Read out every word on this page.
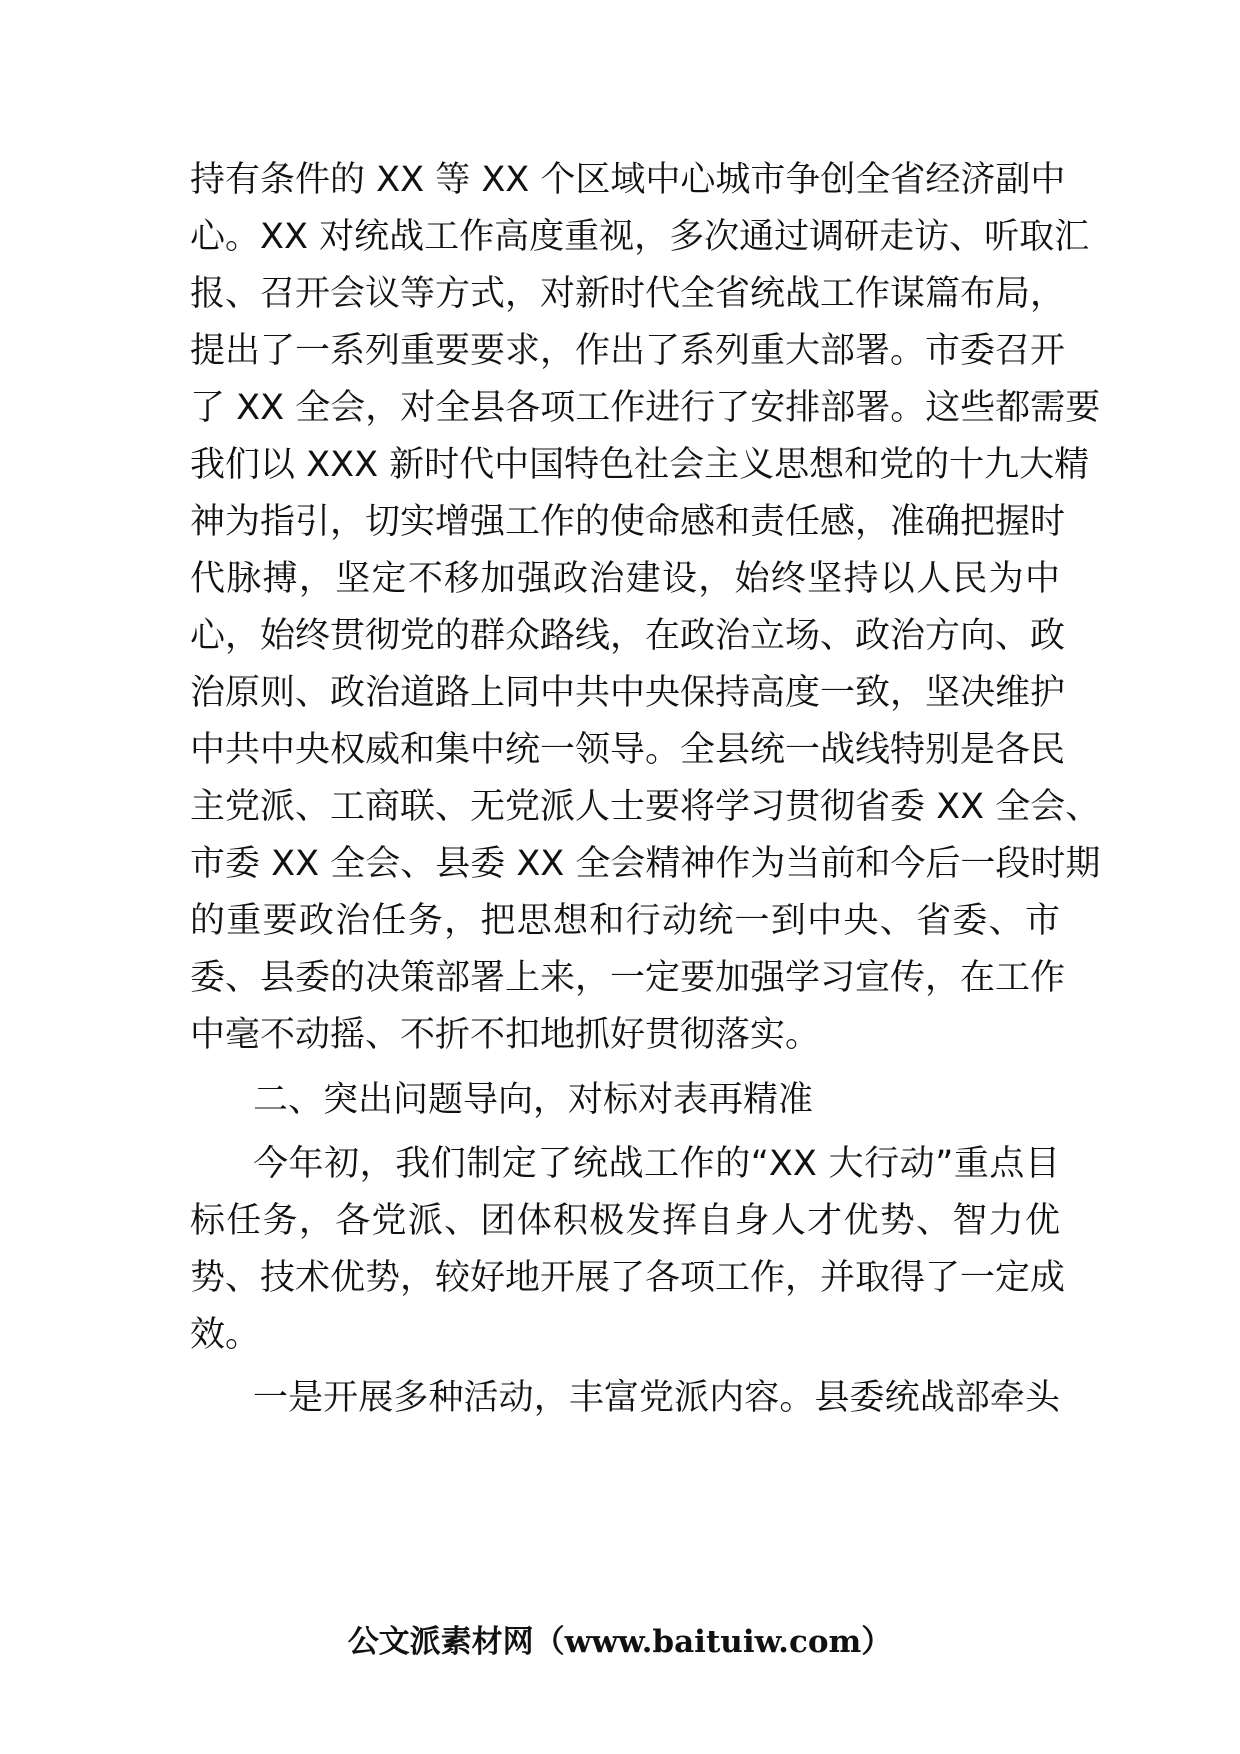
持有条件的 XX 等 XX 个区域中心城市争创全省经济副中
心。XX 对统战工作高度重视，多次通过调研走访、听取汇
报、召开会议等方式，对新时代全省统战工作谋篇布局，
提出了一系列重要要求，作出了系列重大部署。市委召开
了 XX 全会，对全县各项工作进行了安排部署。这些都需要
我们以 XXX 新时代中国特色社会主义思想和党的十九大精
神为指引，切实增强工作的使命感和责任感，准确把握时
代脉搏，坚定不移加强政治建设，始终坚持以人民为中
心，始终贯彻党的群众路线，在政治立场、政治方向、政
治原则、政治道路上同中共中央保持高度一致，坚决维护
中共中央权威和集中统一领导。全县统一战线特别是各民
主党派、工商联、无党派人士要将学习贯彻省委 XX 全会、
市委 XX 全会、县委 XX 全会精神作为当前和今后一段时期
的重要政治任务，把思想和行动统一到中央、省委、市
委、县委的决策部署上来，一定要加强学习宣传，在工作
中毫不动摇、不折不扣地抓好贯彻落实。
二、突出问题导向，对标对表再精准
今年初，我们制定了统战工作的“XX 大行动”重点目
标任务，各党派、团体积极发挥自身人才优势、智力优
势、技术优势，较好地开展了各项工作，并取得了一定成
效。
一是开展多种活动，丰富党派内容。县委统战部牵头
公文派素材网（www.baituiw.com）
